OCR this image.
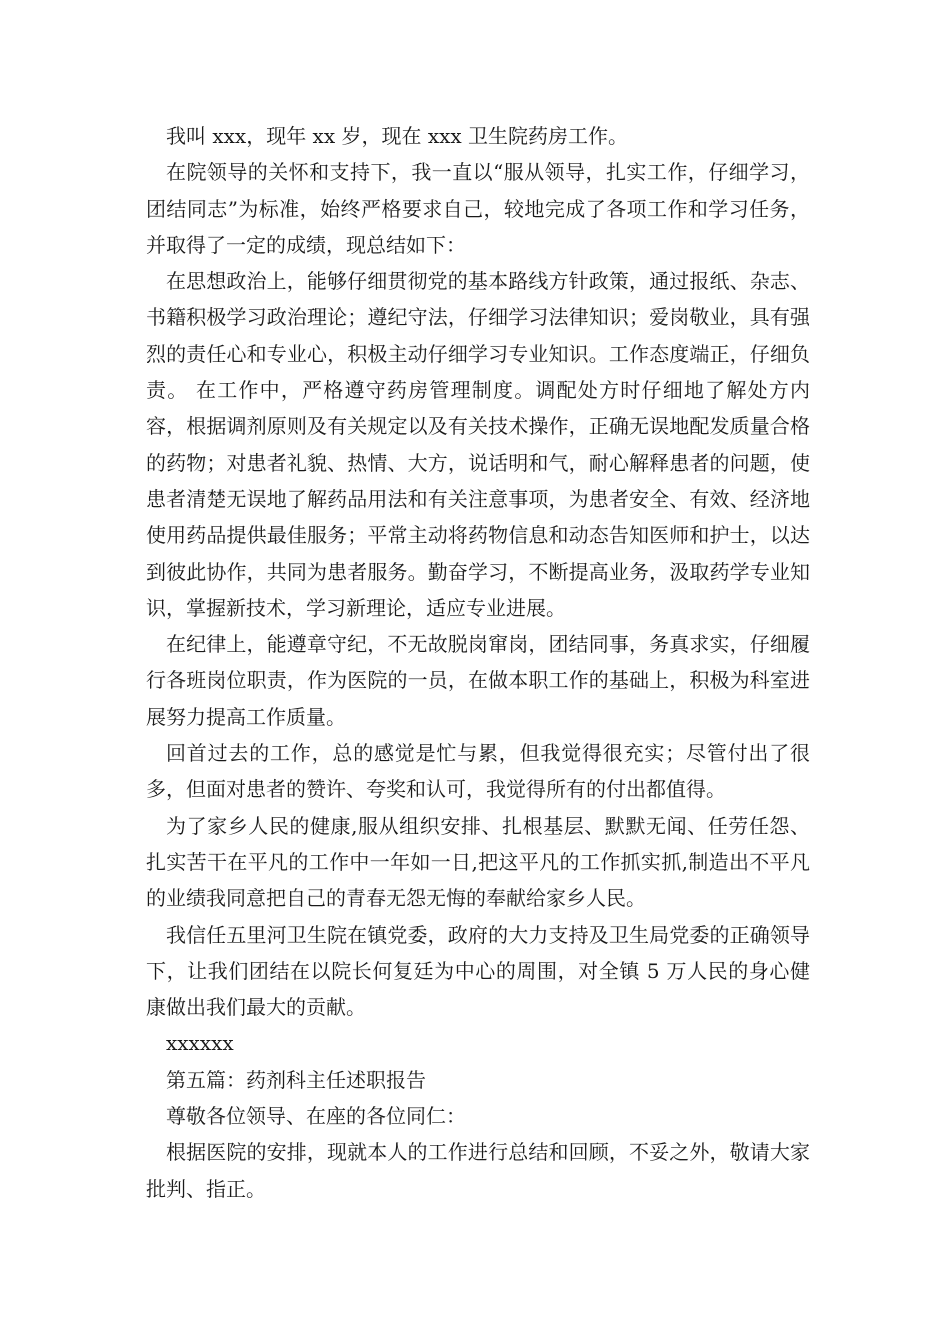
我叫 xxx，现年 xx 岁，现在 xxx 卫生院药房工作。

在院领导的关怀和支持下，我一直以“服从领导，扎实工作，仔细学习，团结同志”为标准，始终严格要求自己，较地完成了各项工作和学习任务，并取得了一定的成绩，现总结如下：

在思想政治上，能够仔细贯彻党的基本路线方针政策，通过报纸、杂志、书籍积极学习政治理论；遵纪守法，仔细学习法律知识；爱岗敬业，具有强烈的责任心和专业心，积极主动仔细学习专业知识。工作态度端正，仔细负责。 在工作中，严格遵守药房管理制度。调配处方时仔细地了解处方内容，根据调剂原则及有关规定以及有关技术操作，正确无误地配发质量合格的药物；对患者礼貌、热情、大方，说话明和气，耐心解释患者的问题，使患者清楚无误地了解药品用法和有关注意事项，为患者安全、有效、经济地使用药品提供最佳服务；平常主动将药物信息和动态告知医师和护士，以达到彼此协作，共同为患者服务。勤奋学习，不断提高业务，汲取药学专业知识，掌握新技术，学习新理论，适应专业进展。

在纪律上，能遵章守纪，不无故脱岗窜岗，团结同事，务真求实，仔细履行各班岗位职责，作为医院的一员，在做本职工作的基础上，积极为科室进展努力提高工作质量。

回首过去的工作，总的感觉是忙与累，但我觉得很充实；尽管付出了很多，但面对患者的赞许、夸奖和认可，我觉得所有的付出都值得。

为了家乡人民的健康,服从组织安排、扎根基层、默默无闻、任劳任怨、扎实苦干在平凡的工作中一年如一日,把这平凡的工作抓实抓,制造出不平凡的业绩我同意把自己的青春无怨无悔的奉献给家乡人民。

我信任五里河卫生院在镇党委，政府的大力支持及卫生局党委的正确领导下，让我们团结在以院长何复廷为中心的周围，对全镇 5 万人民的身心健康做出我们最大的贡献。

xxxxxx

第五篇：药剂科主任述职报告

尊敬各位领导、在座的各位同仁：

根据医院的安排，现就本人的工作进行总结和回顾，不妥之外，敬请大家批判、指正。
